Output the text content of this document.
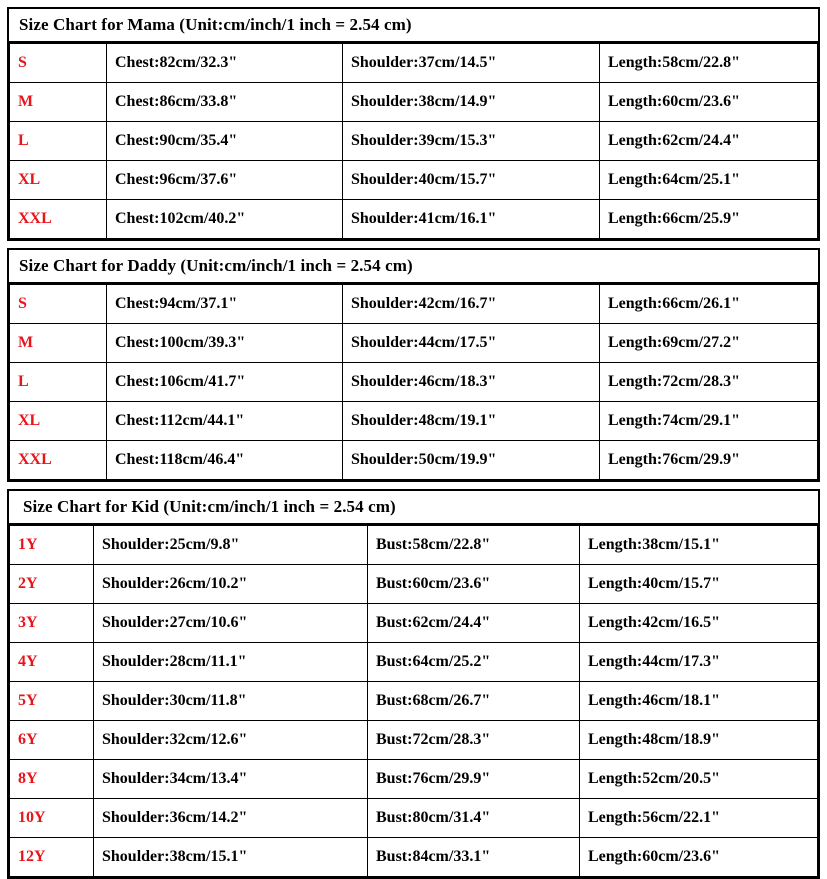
Size Chart for Mama (Unit:cm/inch/1 inch = 2.54 cm)
S	Chest:82cm/32.3"	Shoulder:37cm/14.5"	Length:58cm/22.8"
M	Chest:86cm/33.8"	Shoulder:38cm/14.9"	Length:60cm/23.6"
L	Chest:90cm/35.4"	Shoulder:39cm/15.3"	Length:62cm/24.4"
XL	Chest:96cm/37.6"	Shoulder:40cm/15.7"	Length:64cm/25.1"
XXL	Chest:102cm/40.2"	Shoulder:41cm/16.1"	Length:66cm/25.9"
Size Chart for Daddy (Unit:cm/inch/1 inch = 2.54 cm)
S	Chest:94cm/37.1"	Shoulder:42cm/16.7"	Length:66cm/26.1"
M	Chest:100cm/39.3"	Shoulder:44cm/17.5"	Length:69cm/27.2"
L	Chest:106cm/41.7"	Shoulder:46cm/18.3"	Length:72cm/28.3"
XL	Chest:112cm/44.1"	Shoulder:48cm/19.1"	Length:74cm/29.1"
XXL	Chest:118cm/46.4"	Shoulder:50cm/19.9"	Length:76cm/29.9"
Size Chart for Kid (Unit:cm/inch/1 inch = 2.54 cm)
1Y	Shoulder:25cm/9.8"	Bust:58cm/22.8"	Length:38cm/15.1"
2Y	Shoulder:26cm/10.2"	Bust:60cm/23.6"	Length:40cm/15.7"
3Y	Shoulder:27cm/10.6"	Bust:62cm/24.4"	Length:42cm/16.5"
4Y	Shoulder:28cm/11.1"	Bust:64cm/25.2"	Length:44cm/17.3"
5Y	Shoulder:30cm/11.8"	Bust:68cm/26.7"	Length:46cm/18.1"
6Y	Shoulder:32cm/12.6"	Bust:72cm/28.3"	Length:48cm/18.9"
8Y	Shoulder:34cm/13.4"	Bust:76cm/29.9"	Length:52cm/20.5"
10Y	Shoulder:36cm/14.2"	Bust:80cm/31.4"	Length:56cm/22.1"
12Y	Shoulder:38cm/15.1"	Bust:84cm/33.1"	Length:60cm/23.6"
